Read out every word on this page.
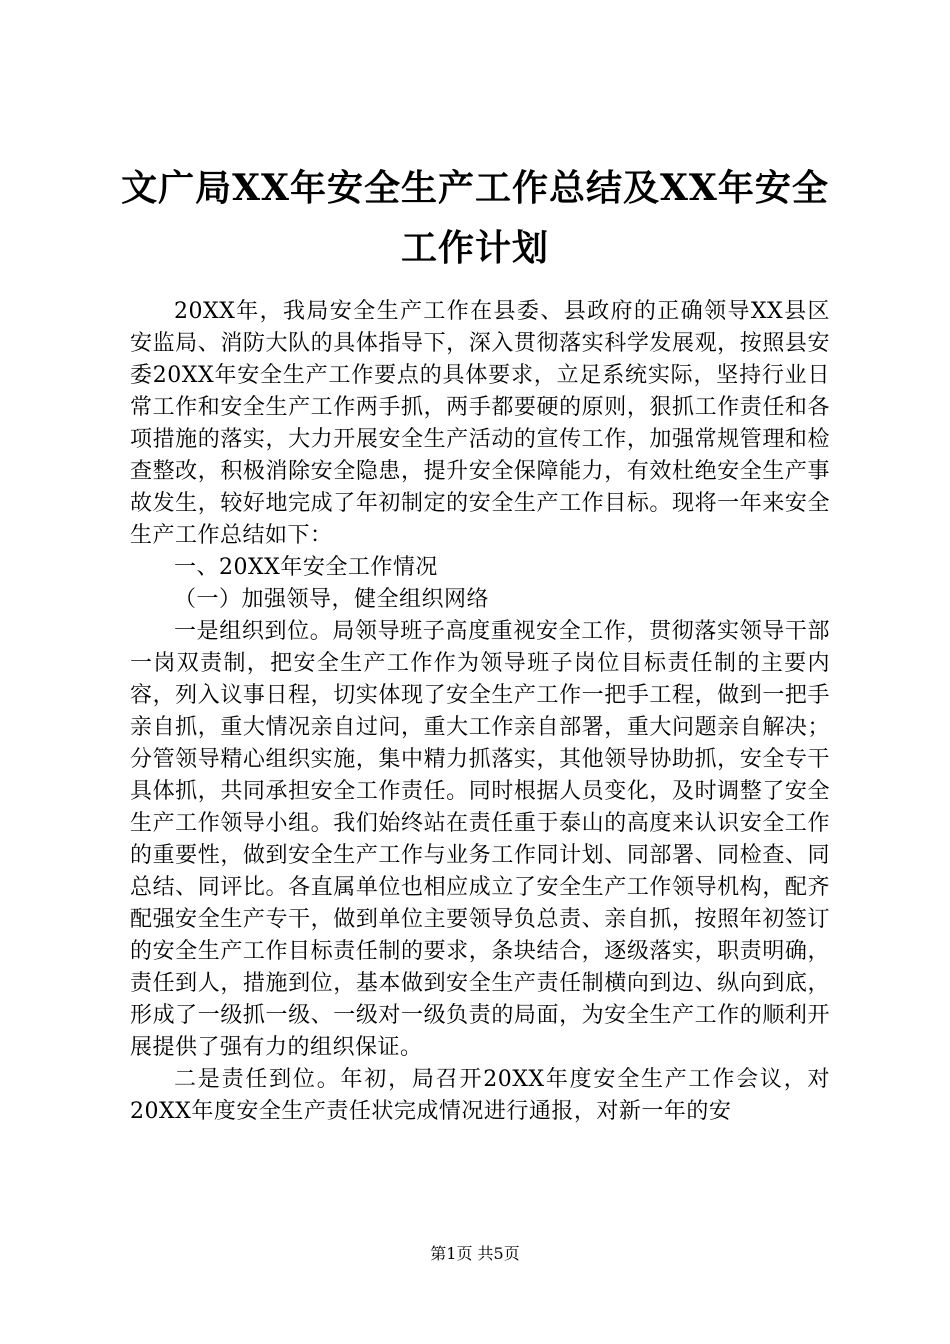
文广局XX年安全生产工作总结及XX年安全工作计划

20XX年，我局安全生产工作在县委、县政府的正确领导XX县区安监局、消防大队的具体指导下，深入贯彻落实科学发展观，按照县安委20XX年安全生产工作要点的具体要求，立足系统实际，坚持行业日常工作和安全生产工作两手抓，两手都要硬的原则，狠抓工作责任和各项措施的落实，大力开展安全生产活动的宣传工作，加强常规管理和检查整改，积极消除安全隐患，提升安全保障能力，有效杜绝安全生产事故发生，较好地完成了年初制定的安全生产工作目标。现将一年来安全生产工作总结如下：

一、20XX年安全工作情况

（一）加强领导，健全组织网络

一是组织到位。局领导班子高度重视安全工作，贯彻落实领导干部一岗双责制，把安全生产工作作为领导班子岗位目标责任制的主要内容，列入议事日程，切实体现了安全生产工作一把手工程，做到一把手亲自抓，重大情况亲自过问，重大工作亲自部署，重大问题亲自解决；分管领导精心组织实施，集中精力抓落实，其他领导协助抓，安全专干具体抓，共同承担安全工作责任。同时根据人员变化，及时调整了安全生产工作领导小组。我们始终站在责任重于泰山的高度来认识安全工作的重要性，做到安全生产工作与业务工作同计划、同部署、同检查、同总结、同评比。各直属单位也相应成立了安全生产工作领导机构，配齐配强安全生产专干，做到单位主要领导负总责、亲自抓，按照年初签订的安全生产工作目标责任制的要求，条块结合，逐级落实，职责明确，责任到人，措施到位，基本做到安全生产责任制横向到边、纵向到底，形成了一级抓一级、一级对一级负责的局面，为安全生产工作的顺利开展提供了强有力的组织保证。

二是责任到位。年初，局召开20XX年度安全生产工作会议，对20XX年度安全生产责任状完成情况进行通报，对新一年的安

第1页 共5页
